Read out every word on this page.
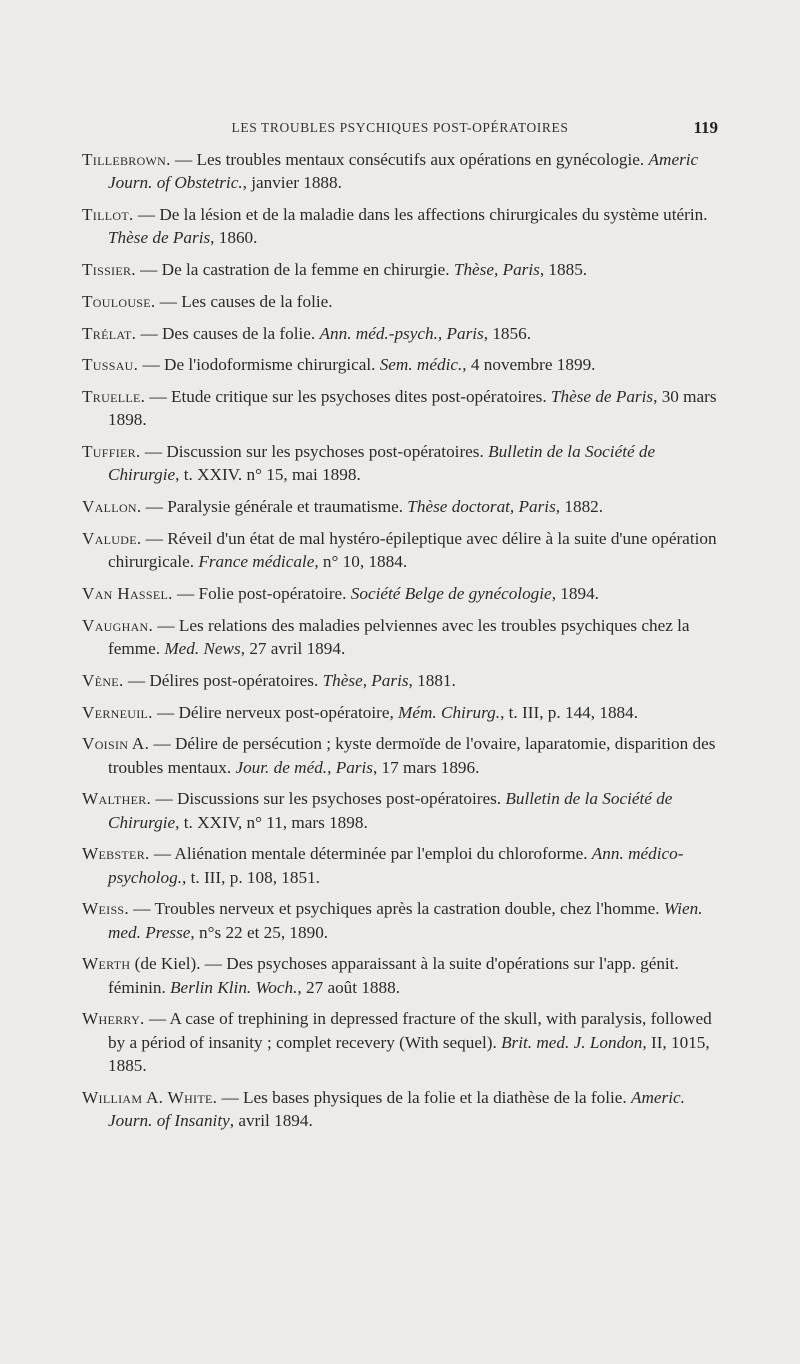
LES TROUBLES PSYCHIQUES POST-OPÉRATOIRES	119

Tillebrown. — Les troubles mentaux consécutifs aux opérations en gynécologie. Americ Journ. of Obstetric., janvier 1888.

Tillot. — De la lésion et de la maladie dans les affections chirurgicales du système utérin. Thèse de Paris, 1860.

Tissier. — De la castration de la femme en chirurgie. Thèse, Paris, 1885.

Toulouse. — Les causes de la folie.

Trélat. — Des causes de la folie. Ann. méd.-psych., Paris, 1856.

Tussau. — De l'iodoformisme chirurgical. Sem. médic., 4 novembre 1899.

Truelle. — Etude critique sur les psychoses dites post-opératoires. Thèse de Paris, 30 mars 1898.

Tuffier. — Discussion sur les psychoses post-opératoires. Bulletin de la Société de Chirurgie, t. XXIV. n° 15, mai 1898.

Vallon. — Paralysie générale et traumatisme. Thèse doctorat, Paris, 1882.

Valude. — Réveil d'un état de mal hystéro-épileptique avec délire à la suite d'une opération chirurgicale. France médicale, n° 10, 1884.

Van Hassel. — Folie post-opératoire. Société Belge de gynécologie, 1894.

Vaughan. — Les relations des maladies pelviennes avec les troubles psychiques chez la femme. Med. News, 27 avril 1894.

Vène. — Délires post-opératoires. Thèse, Paris, 1881.

Verneuil. — Délire nerveux post-opératoire, Mém. Chirurg., t. III, p. 144, 1884.

Voisin A. — Délire de persécution ; kyste dermoïde de l'ovaire, laparatomie, disparition des troubles mentaux. Jour. de méd., Paris, 17 mars 1896.

Walther. — Discussions sur les psychoses post-opératoires. Bulletin de la Société de Chirurgie, t. XXIV, n° 11, mars 1898.

Webster. — Aliénation mentale déterminée par l'emploi du chloroforme. Ann. médico-psycholog., t. III, p. 108, 1851.

Weiss. — Troubles nerveux et psychiques après la castration double, chez l'homme. Wien. med. Presse, n°s 22 et 25, 1890.

Werth (de Kiel). — Des psychoses apparaissant à la suite d'opérations sur l'app. génit. féminin. Berlin Klin. Woch., 27 août 1888.

Wherry. — A case of trephining in depressed fracture of the skull, with paralysis, followed by a périod of insanity ; complet recevery (With sequel). Brit. med. J. London, II, 1015, 1885.

William A. White. — Les bases physiques de la folie et la diathèse de la folie. Americ. Journ. of Insanity, avril 1894.
